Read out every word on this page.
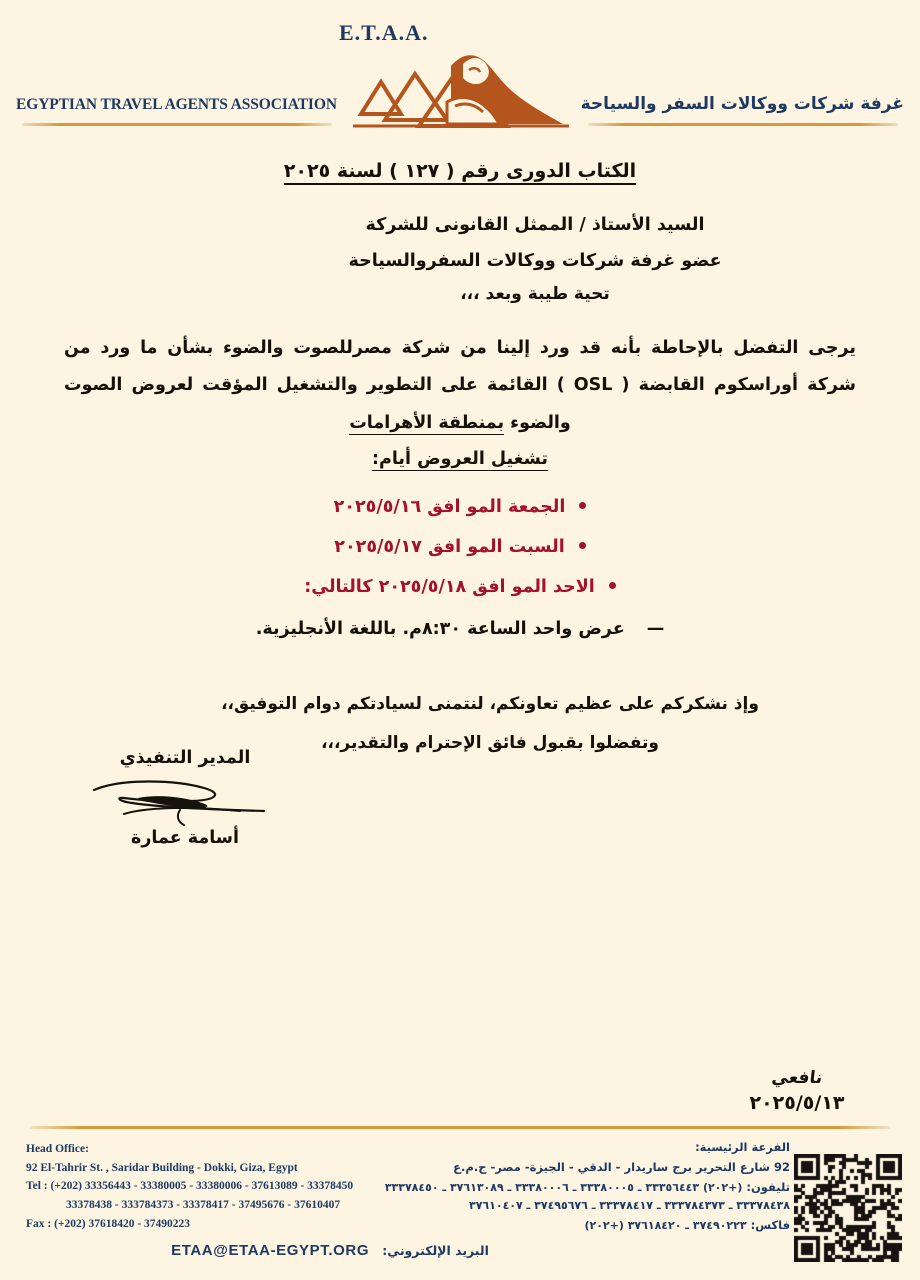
E.T.A.A.
EGYPTIAN TRAVEL AGENTS ASSOCIATION	غرفة شركات ووكالات السفر والسياحة
الكتاب الدورى رقم ( ١٢٧ ) لسنة ٢٠٢٥
السيد الأستاذ / الممثل القانونى للشركة
عضو غرفة شركات ووكالات السفروالسياحة
تحية طيبة وبعد ،،،
يرجى التفضل بالإحاطة بأنه قد ورد إلينا من شركة مصرللصوت والضوء بشأن ما ورد من شركة أوراسكوم القابضة ( OSL ) القائمة على التطوير والتشغيل المؤقت لعروض الصوت والضوء بمنطقة الأهرامات
تشغيل العروض أيام:
الجمعة المو افق ٢٠٢٥/٥/١٦
السبت المو افق ٢٠٢٥/٥/١٧
الاحد المو افق ٢٠٢٥/٥/١٨ كالتالي:
—عرض واحد الساعة ٨:٣٠م. باللغة الأنجليزية.
وإذ نشكركم على عظيم تعاونكم، لنتمنى لسيادتكم دوام التوفيق،،
وتفضلوا بقبول فائق الإحترام والتقدير،،،
المدير التنفيذي
أسامة عمارة
نافعي
٢٠٢٥/٥/١٣
Head Office:
92 El-Tahrir St. , Saridar Building - Dokki, Giza, Egypt
Tel : (+202) 33356443 - 33380005 - 33380006 - 37613089 - 33378450
33378438 - 333784373 - 33378417 - 37495676 - 37610407
Fax : (+202) 37618420 - 37490223
الفرعة الرئيسية:
92 شارع التحرير برج ساريدار - الدقي - الجيزة- مصر- ج.م.ع
تليفون: (+٢٠٢) ٣٣٣٥٦٤٤٣ ـ ٣٣٣٨٠٠٠٥ ـ ٣٣٣٨٠٠٠٦ ـ ٣٧٦١٣٠٨٩ ـ ٣٣٣٧٨٤٥٠
٣٣٣٧٨٤٣٨ ـ ٣٣٣٧٨٤٣٧٣ ـ ٣٣٣٧٨٤١٧ ـ ٣٧٤٩٥٦٧٦ ـ ٣٧٦١٠٤٠٧
فاكس: ٣٧٤٩٠٢٢٣ ـ ٣٧٦١٨٤٢٠ (+٢٠٢)
البريد الإلكتروني: ETAA@ETAA-EGYPT.ORG
